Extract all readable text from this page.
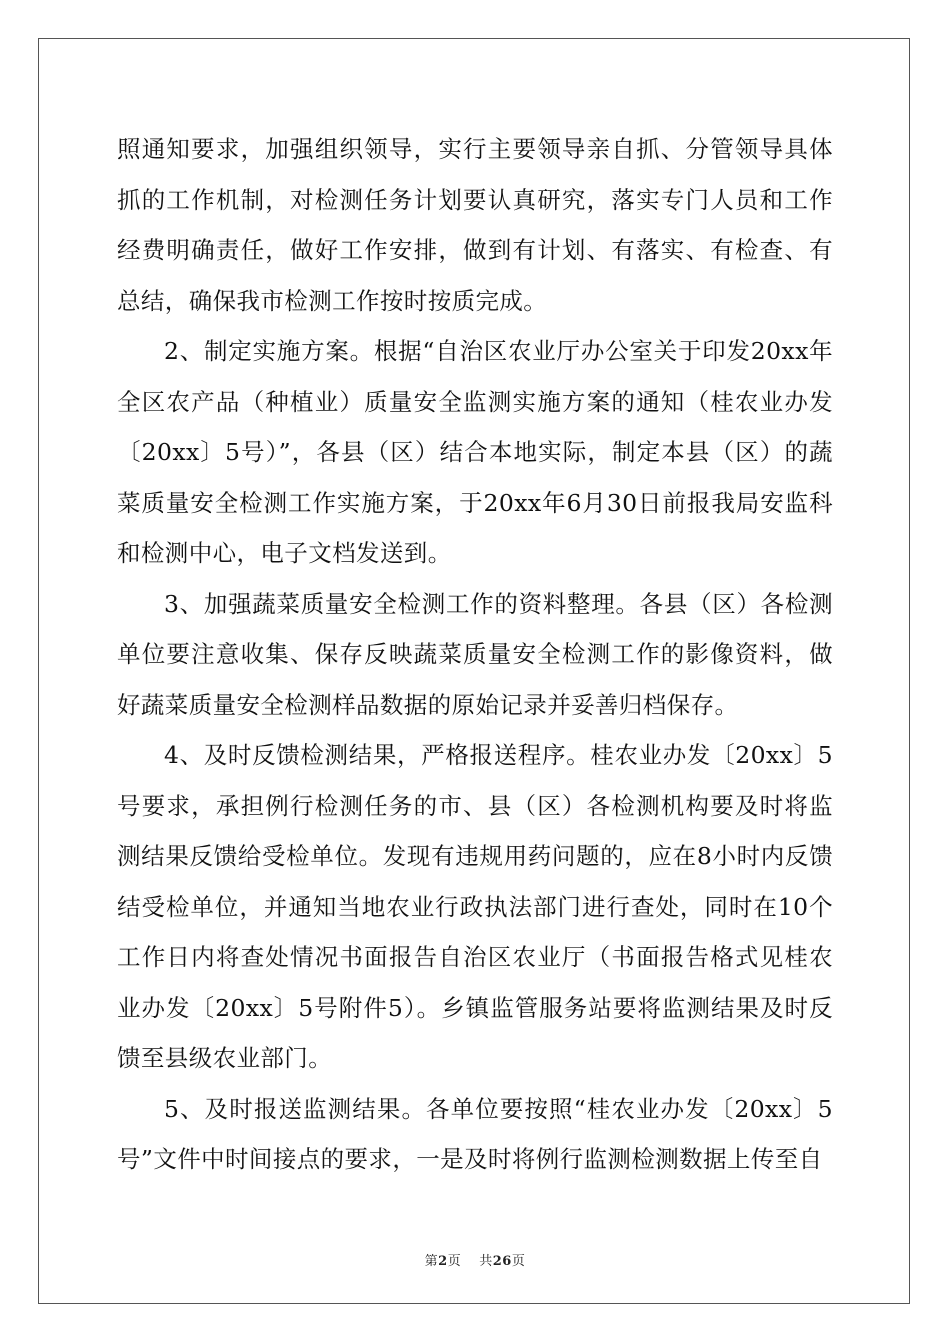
照通知要求，加强组织领导，实行主要领导亲自抓、分管领导具体抓的工作机制，对检测任务计划要认真研究，落实专门人员和工作经费明确责任，做好工作安排，做到有计划、有落实、有检查、有总结，确保我市检测工作按时按质完成。

2、制定实施方案。根据“自治区农业厅办公室关于印发20xx年全区农产品（种植业）质量安全监测实施方案的通知（桂农业办发〔20xx〕5号）”，各县（区）结合本地实际，制定本县（区）的蔬菜质量安全检测工作实施方案，于20xx年6月30日前报我局安监科和检测中心，电子文档发送到。

3、加强蔬菜质量安全检测工作的资料整理。各县（区）各检测单位要注意收集、保存反映蔬菜质量安全检测工作的影像资料，做好蔬菜质量安全检测样品数据的原始记录并妥善归档保存。

4、及时反馈检测结果，严格报送程序。桂农业办发〔20xx〕5号要求，承担例行检测任务的市、县（区）各检测机构要及时将监测结果反馈给受检单位。发现有违规用药问题的，应在8小时内反馈结受检单位，并通知当地农业行政执法部门进行查处，同时在10个工作日内将查处情况书面报告自治区农业厅（书面报告格式见桂农业办发〔20xx〕5号附件5）。乡镇监管服务站要将监测结果及时反馈至县级农业部门。

5、及时报送监测结果。各单位要按照“桂农业办发〔20xx〕5号”文件中时间接点的要求，一是及时将例行监测检测数据上传至自

第2页 共26页
